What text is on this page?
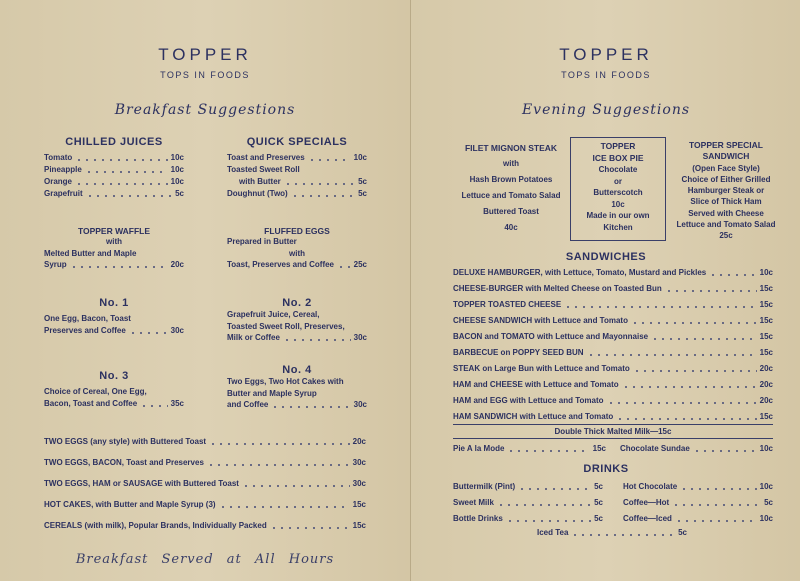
TOPPER
TOPS IN FOODS
Breakfast Suggestions
CHILLED JUICES
Tomato	10c
Pineapple	10c
Orange	10c
Grapefruit	5c
QUICK SPECIALS
Toast and Preserves	10c
Toasted Sweet Roll
with Butter	5c
Doughnut (Two)	5c
TOPPER WAFFLE
with
Melted Butter and Maple
Syrup	20c
FLUFFED EGGS
Prepared in Butter
with
Toast, Preserves and Coffee 25c
No. 1
One Egg, Bacon, Toast
Preserves and Coffee	30c
No. 2
Grapefruit Juice, Cereal,
Toasted Sweet Roll, Preserves,
Milk or Coffee	30c
No. 3
Choice of Cereal, One Egg,
Bacon, Toast and Coffee	35c
No. 4
Two Eggs, Two Hot Cakes with
Butter and Maple Syrup
and Coffee	30c
TWO EGGS (any style) with Buttered Toast	20c
TWO EGGS, BACON, Toast and Preserves	30c
TWO EGGS, HAM or SAUSAGE with Buttered Toast	30c
HOT CAKES, with Butter and Maple Syrup (3)	15c
CEREALS (with milk), Popular Brands, Individually Packed	15c
Breakfast Served at All Hours
TOPPER
TOPS IN FOODS
Evening Suggestions
FILET MIGNON STEAK
with
Hash Brown Potatoes
Lettuce and Tomato Salad
Buttered Toast
40c
TOPPER
ICE BOX PIE
Chocolate
or
Butterscotch
10c
Made in our own
Kitchen
TOPPER SPECIAL
SANDWICH
(Open Face Style)
Choice of Either Grilled
Hamburger Steak or
Slice of Thick Ham
Served with Cheese
Lettuce and Tomato Salad
25c
SANDWICHES
DELUXE HAMBURGER, with Lettuce, Tomato, Mustard and Pickles	10c
CHEESE-BURGER with Melted Cheese on Toasted Bun	15c
TOPPER TOASTED CHEESE	15c
CHEESE SANDWICH with Lettuce and Tomato	15c
BACON and TOMATO with Lettuce and Mayonnaise	15c
BARBECUE on POPPY SEED BUN	15c
STEAK on Large Bun with Lettuce and Tomato	20c
HAM and CHEESE with Lettuce and Tomato	20c
HAM and EGG with Lettuce and Tomato	20c
HAM SANDWICH with Lettuce and Tomato	15c
Double Thick Malted Milk—15c
Pie A la Mode	15c Chocolate Sundae	10c
DRINKS
Buttermilk (Pint)	5c
Sweet Milk	5c
Bottle Drinks	5c
Hot Chocolate	10c
Coffee—Hot	5c
Coffee—Iced	10c
Iced Tea	5c
